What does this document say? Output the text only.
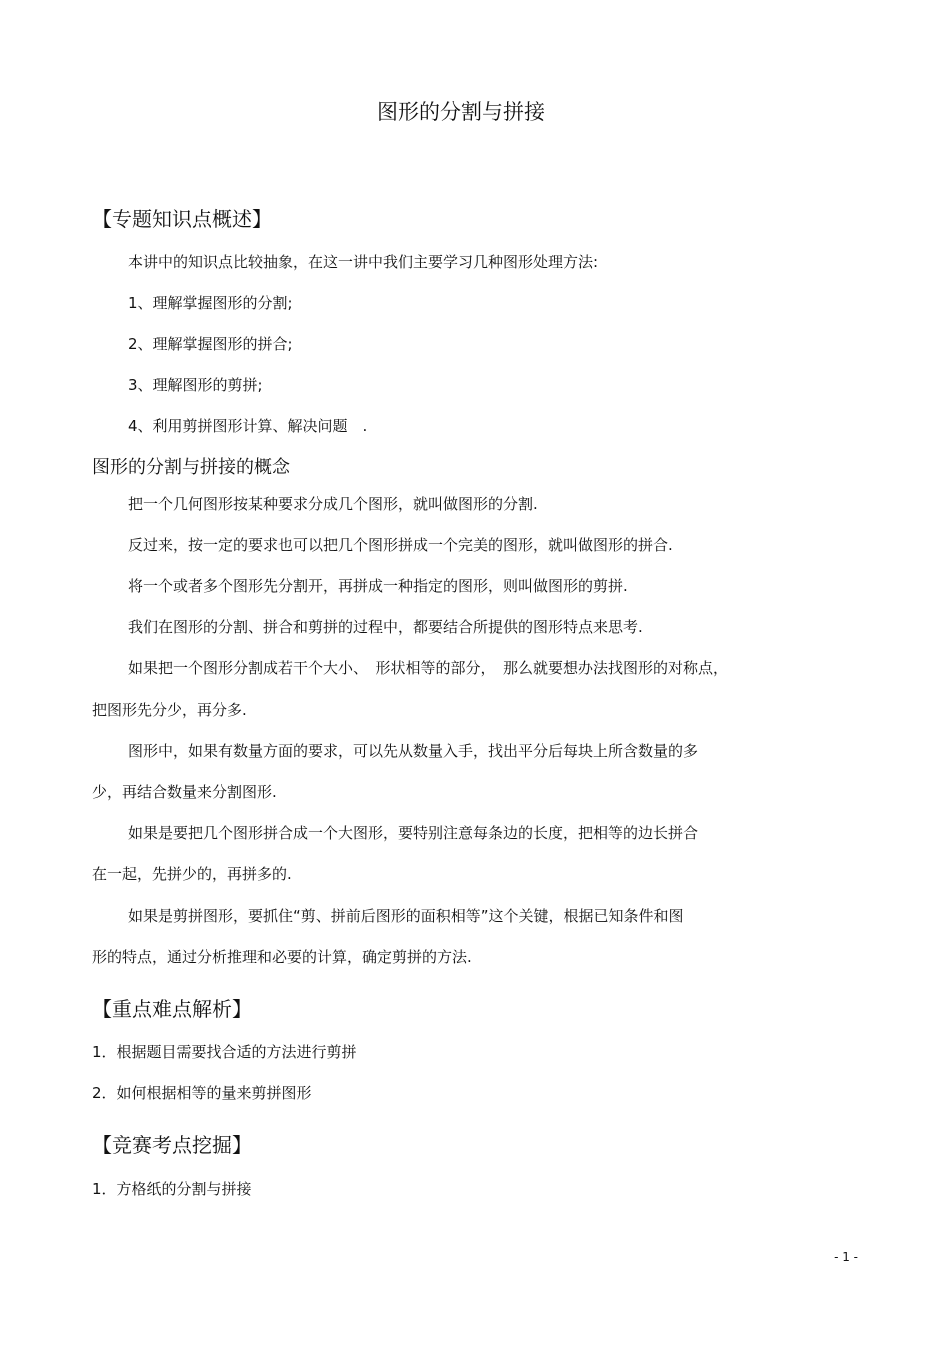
图形的分割与拼接
【专题知识点概述】
本讲中的知识点比较抽象，在这一讲中我们主要学习几种图形处理方法:
1、理解掌握图形的分割;
2、理解掌握图形的拼合;
3、理解图形的剪拼;
4、利用剪拼图形计算、解决问题　.
图形的分割与拼接的概念
把一个几何图形按某种要求分成几个图形，就叫做图形的分割.
反过来，按一定的要求也可以把几个图形拼成一个完美的图形，就叫做图形的拼合.
将一个或者多个图形先分割开，再拼成一种指定的图形，则叫做图形的剪拼.
我们在图形的分割、拼合和剪拼的过程中，都要结合所提供的图形特点来思考.
如果把一个图形分割成若干个大小、　形状相等的部分，　那么就要想办法找图形的对称点，
把图形先分少，再分多.
图形中，如果有数量方面的要求，可以先从数量入手，找出平分后每块上所含数量的多
少，再结合数量来分割图形.
如果是要把几个图形拼合成一个大图形，要特别注意每条边的长度，把相等的边长拼合
在一起，先拼少的，再拼多的.
如果是剪拼图形，要抓住“剪、拼前后图形的面积相等”这个关键，根据已知条件和图
形的特点，通过分析推理和必要的计算，确定剪拼的方法.
【重点难点解析】
1．根据题目需要找合适的方法进行剪拼
2．如何根据相等的量来剪拼图形
【竞赛考点挖掘】
1．方格纸的分割与拼接
- 1 -
